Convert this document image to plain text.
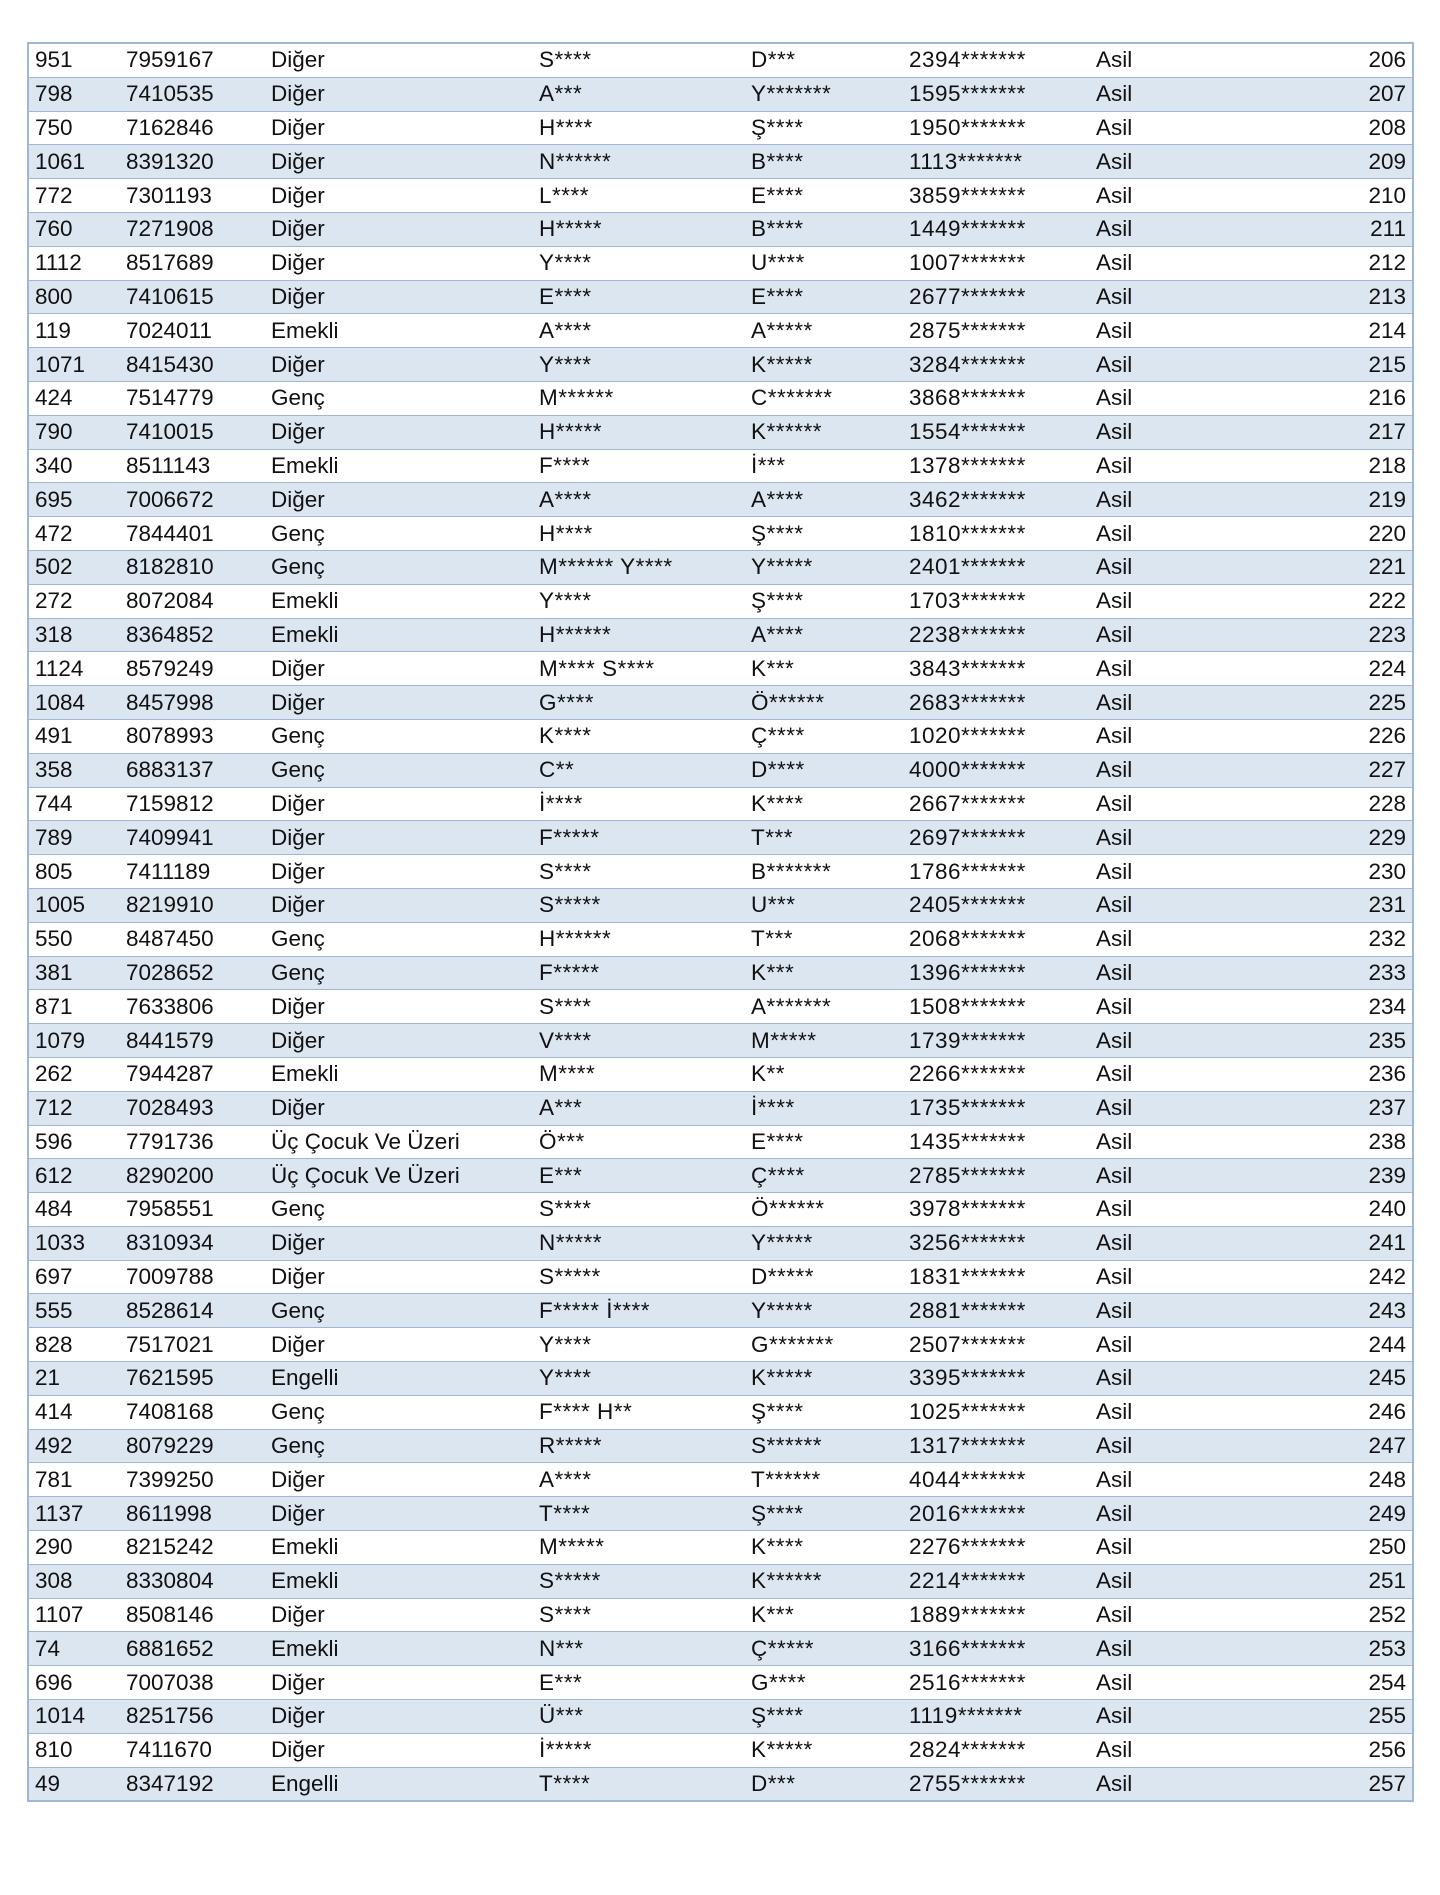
951	7959167	Diğer	S****	D***	2394*******	Asil	206
798	7410535	Diğer	A***	Y*******	1595*******	Asil	207
750	7162846	Diğer	H****	Ş****	1950*******	Asil	208
1061	8391320	Diğer	N******	B****	1113*******	Asil	209
772	7301193	Diğer	L****	E****	3859*******	Asil	210
760	7271908	Diğer	H*****	B****	1449*******	Asil	211
1112	8517689	Diğer	Y****	U****	1007*******	Asil	212
800	7410615	Diğer	E****	E****	2677*******	Asil	213
119	7024011	Emekli	A****	A*****	2875*******	Asil	214
1071	8415430	Diğer	Y****	K*****	3284*******	Asil	215
424	7514779	Genç	M******	C*******	3868*******	Asil	216
790	7410015	Diğer	H*****	K******	1554*******	Asil	217
340	8511143	Emekli	F****	İ***	1378*******	Asil	218
695	7006672	Diğer	A****	A****	3462*******	Asil	219
472	7844401	Genç	H****	Ş****	1810*******	Asil	220
502	8182810	Genç	M****** Y****	Y*****	2401*******	Asil	221
272	8072084	Emekli	Y****	Ş****	1703*******	Asil	222
318	8364852	Emekli	H******	A****	2238*******	Asil	223
1124	8579249	Diğer	M**** S****	K***	3843*******	Asil	224
1084	8457998	Diğer	G****	Ö******	2683*******	Asil	225
491	8078993	Genç	K****	Ç****	1020*******	Asil	226
358	6883137	Genç	C**	D****	4000*******	Asil	227
744	7159812	Diğer	İ****	K****	2667*******	Asil	228
789	7409941	Diğer	F*****	T***	2697*******	Asil	229
805	7411189	Diğer	S****	B*******	1786*******	Asil	230
1005	8219910	Diğer	S*****	U***	2405*******	Asil	231
550	8487450	Genç	H******	T***	2068*******	Asil	232
381	7028652	Genç	F*****	K***	1396*******	Asil	233
871	7633806	Diğer	S****	A*******	1508*******	Asil	234
1079	8441579	Diğer	V****	M*****	1739*******	Asil	235
262	7944287	Emekli	M****	K**	2266*******	Asil	236
712	7028493	Diğer	A***	İ****	1735*******	Asil	237
596	7791736	Üç Çocuk Ve Üzeri	Ö***	E****	1435*******	Asil	238
612	8290200	Üç Çocuk Ve Üzeri	E***	Ç****	2785*******	Asil	239
484	7958551	Genç	S****	Ö******	3978*******	Asil	240
1033	8310934	Diğer	N*****	Y*****	3256*******	Asil	241
697	7009788	Diğer	S*****	D*****	1831*******	Asil	242
555	8528614	Genç	F***** İ****	Y*****	2881*******	Asil	243
828	7517021	Diğer	Y****	G*******	2507*******	Asil	244
21	7621595	Engelli	Y****	K*****	3395*******	Asil	245
414	7408168	Genç	F**** H**	Ş****	1025*******	Asil	246
492	8079229	Genç	R*****	S******	1317*******	Asil	247
781	7399250	Diğer	A****	T******	4044*******	Asil	248
1137	8611998	Diğer	T****	Ş****	2016*******	Asil	249
290	8215242	Emekli	M*****	K****	2276*******	Asil	250
308	8330804	Emekli	S*****	K******	2214*******	Asil	251
1107	8508146	Diğer	S****	K***	1889*******	Asil	252
74	6881652	Emekli	N***	Ç*****	3166*******	Asil	253
696	7007038	Diğer	E***	G****	2516*******	Asil	254
1014	8251756	Diğer	Ü***	Ş****	1119*******	Asil	255
810	7411670	Diğer	İ*****	K*****	2824*******	Asil	256
49	8347192	Engelli	T****	D***	2755*******	Asil	257
